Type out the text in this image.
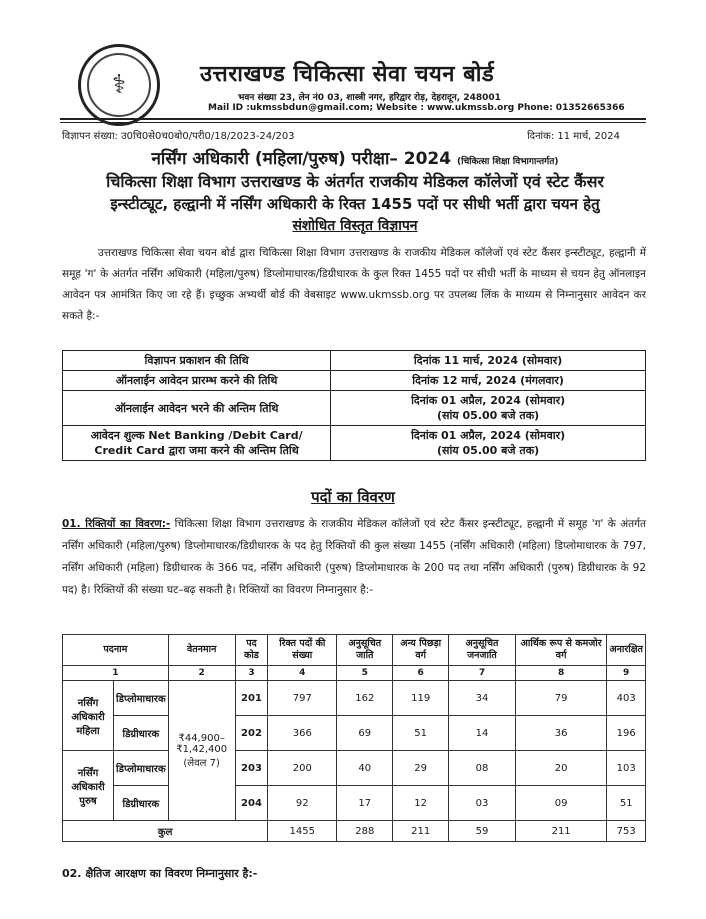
⚕	उत्तराखण्ड चिकित्सा सेवा चयन बोर्ड
भवन संख्या 23, लेन नं0 03, शास्त्री नगर, हरिद्वार रोड़, देहरादून, 248001
Mail ID :ukmssbdun@gmail.com; Website : www.ukmssb.org Phone: 01352665366
विज्ञापन संख्या: उ0चि0से0च0बो0/परी0/18/2023-24/203	दिनांक: 11 मार्च, 2024
नर्सिंग अधिकारी (महिला/पुरुष) परीक्षा– 2024 (चिकित्सा शिक्षा विभागान्तर्गत)
चिकित्सा शिक्षा विभाग उत्तराखण्ड के अंतर्गत राजकीय मेडिकल कॉलेजों एवं स्टेट कैंसर
इन्स्टीट्यूट, हल्द्वानी में नर्सिंग अधिकारी के रिक्त 1455 पदों पर सीधी भर्ती द्वारा चयन हेतु
संशोधित विस्तृत विज्ञापन
उत्तराखण्ड चिकित्सा सेवा चयन बोर्ड द्वारा चिकित्सा शिक्षा विभाग उत्तराखण्ड के राजकीय मेडिकल कॉलेजों एवं स्टेट कैंसर इन्स्टीट्यूट, हल्द्वानी में समूह 'ग' के अंतर्गत नर्सिंग अधिकारी (महिला/पुरुष) डिप्लोमाधारक/डिग्रीधारक के कुल रिक्त 1455 पदों पर सीधी भर्ती के माध्यम से चयन हेतु ऑनलाइन आवेदन पत्र आमंत्रित किए जा रहे हैं। इच्छुक अभ्यर्थी बोर्ड की वेबसाइट www.ukmssb.org पर उपलब्ध लिंक के माध्यम से निम्नानुसार आवेदन कर सकते है:-
विज्ञापन प्रकाशन की तिथि	दिनांक 11 मार्च, 2024 (सोमवार)
ऑनलाईन आवेदन प्रारम्भ करने की तिथि	दिनांक 12 मार्च, 2024 (मंगलवार)
ऑनलाईन आवेदन भरने की अन्तिम तिथि	दिनांक 01 अप्रैल, 2024 (सोमवार)
(सांय 05.00 बजे तक)

आवेदन शुल्क Net Banking /Debit Card/ Credit Card द्वारा जमा करने की अन्तिम तिथि	दिनांक 01 अप्रैल, 2024 (सोमवार)
(सांय 05.00 बजे तक)
पदों का विवरण
01. रिक्तियों का विवरण:- चिकित्सा शिक्षा विभाग उत्तराखण्ड के राजकीय मेडिकल कॉलेजों एवं स्टेट कैंसर इन्स्टीट्यूट, हल्द्वानी में समूह 'ग' के अंतर्गत नर्सिंग अधिकारी (महिला/पुरुष) डिप्लोमाधारक/डिग्रीधारक के पद हेतु रिक्तियों की कुल संख्या 1455 (नर्सिंग अधिकारी (महिला) डिप्लोमाधारक के 797, नर्सिंग अधिकारी (महिला) डिग्रीधारक के 366 पद, नर्सिंग अधिकारी (पुरुष) डिप्लोमाधारक के 200 पद तथा नर्सिंग अधिकारी (पुरुष) डिग्रीधारक के 92 पद) है। रिक्तियों की संख्या घट–बढ़ सकती है। रिक्तियों का विवरण निम्नानुसार है:-
पदनाम		वेतनमान	पद कोड	रिक्त पदों की संख्या	अनुसूचित जाति	अन्य पिछड़ा वर्ग	अनुसूचित जनजाति	आर्थिक रूप से कमजोर वर्ग	अनारक्षित
1		2	3	4	5	6	7	8	9
नर्सिंग अधिकारी महिला	डिप्लोमाधारक	₹44,900– ₹1,42,400 (लेवल 7)	201	797	162	119	34	79	403
	डिग्रीधारक		202	366	69	51	14	36	196
नर्सिंग अधिकारी पुरुष	डिप्लोमाधारक		203	200	40	29	08	20	103
	डिग्रीधारक		204	92	17	12	03	09	51
कुल				1455	288	211	59	211	753
02. क्षैतिज आरक्षण का विवरण निम्नानुसार है:-
